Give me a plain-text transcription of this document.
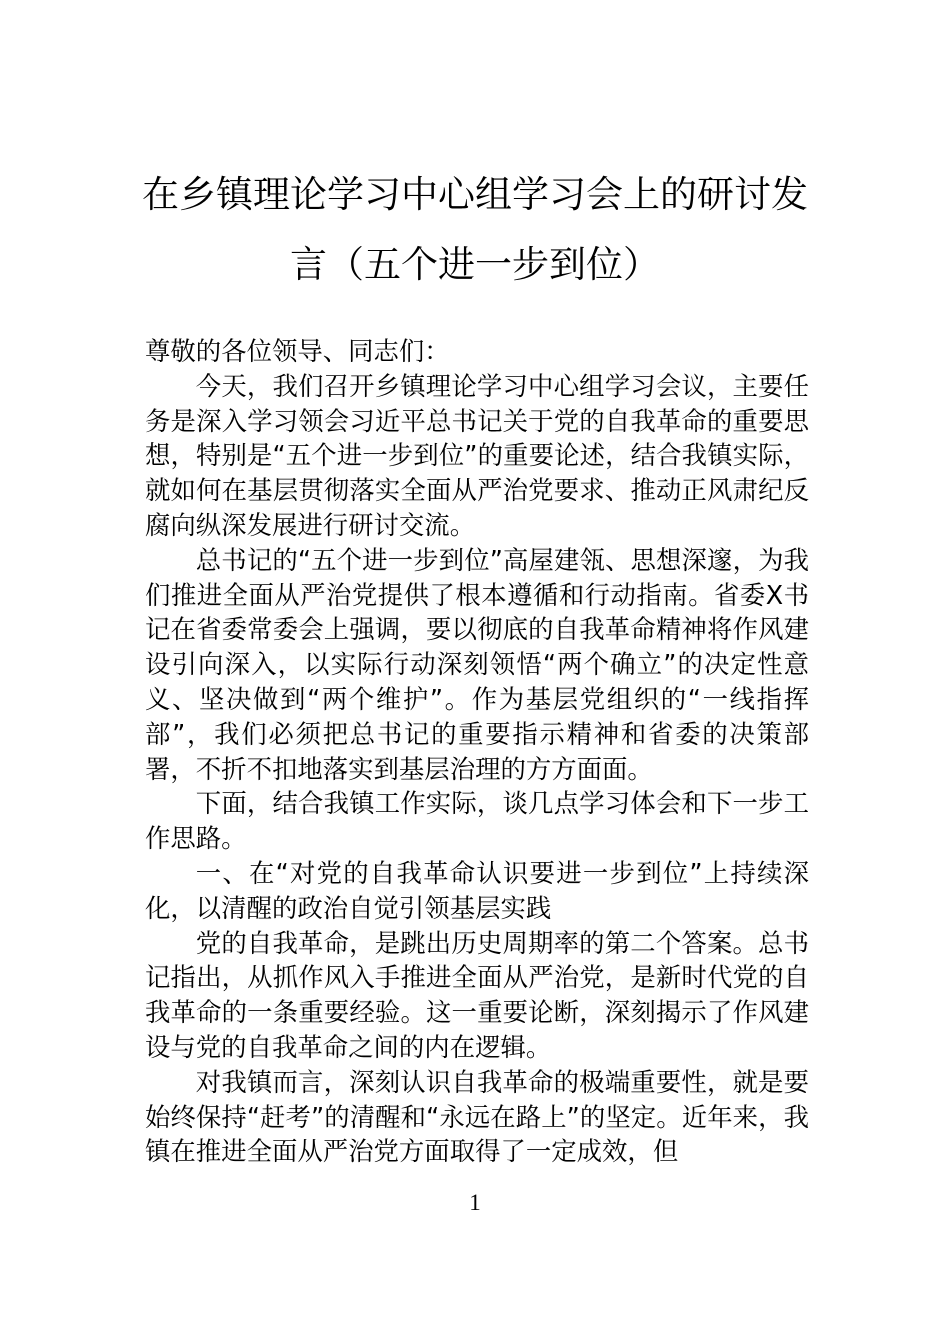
在乡镇理论学习中心组学习会上的研讨发
言（五个进一步到位）

尊敬的各位领导、同志们：

今天，我们召开乡镇理论学习中心组学习会议，主要任务是深入学习领会习近平总书记关于党的自我革命的重要思想，特别是“五个进一步到位”的重要论述，结合我镇实际，就如何在基层贯彻落实全面从严治党要求、推动正风肃纪反腐向纵深发展进行研讨交流。

总书记的“五个进一步到位”高屋建瓴、思想深邃，为我们推进全面从严治党提供了根本遵循和行动指南。省委X书记在省委常委会上强调，要以彻底的自我革命精神将作风建设引向深入，以实际行动深刻领悟“两个确立”的决定性意义、坚决做到“两个维护”。作为基层党组织的“一线指挥部”，我们必须把总书记的重要指示精神和省委的决策部署，不折不扣地落实到基层治理的方方面面。

下面，结合我镇工作实际，谈几点学习体会和下一步工作思路。

一、在“对党的自我革命认识要进一步到位”上持续深化，以清醒的政治自觉引领基层实践

党的自我革命，是跳出历史周期率的第二个答案。总书记指出，从抓作风入手推进全面从严治党，是新时代党的自我革命的一条重要经验。这一重要论断，深刻揭示了作风建设与党的自我革命之间的内在逻辑。

对我镇而言，深刻认识自我革命的极端重要性，就是要始终保持“赶考”的清醒和“永远在路上”的坚定。近年来，我镇在推进全面从严治党方面取得了一定成效，但

1
